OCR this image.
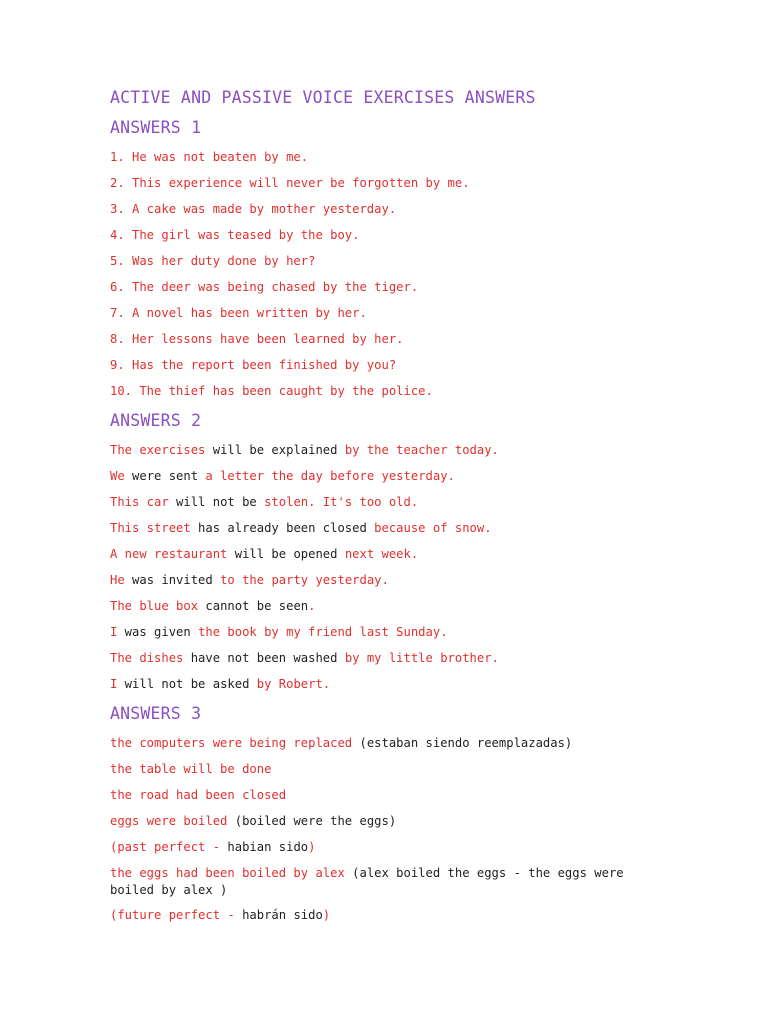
ACTIVE AND PASSIVE VOICE EXERCISES ANSWERS
ANSWERS 1
1. He was not beaten by me.
2. This experience will never be forgotten by me.
3. A cake was made by mother yesterday.
4. The girl was teased by the boy.
5. Was her duty done by her?
6. The deer was being chased by the tiger.
7. A novel has been written by her.
8. Her lessons have been learned by her.
9. Has the report been finished by you?
10. The thief has been caught by the police.
ANSWERS 2
The exercises will be explained by the teacher today.
We were sent a letter the day before yesterday.
This car will not be stolen. It's too old.
This street has already been closed because of snow.
A new restaurant will be opened next week.
He was invited to the party yesterday.
The blue box cannot be seen.
I was given the book by my friend last Sunday.
The dishes have not been washed by my little brother.
I will not be asked by Robert.
ANSWERS 3
the computers were being replaced (estaban siendo reemplazadas)
the table will be done
the road had been closed
eggs were boiled (boiled were the eggs)
(past perfect - habian sido)
the eggs had been boiled by alex (alex boiled the eggs - the eggs were boiled by alex )
(future perfect - habrán sido)
